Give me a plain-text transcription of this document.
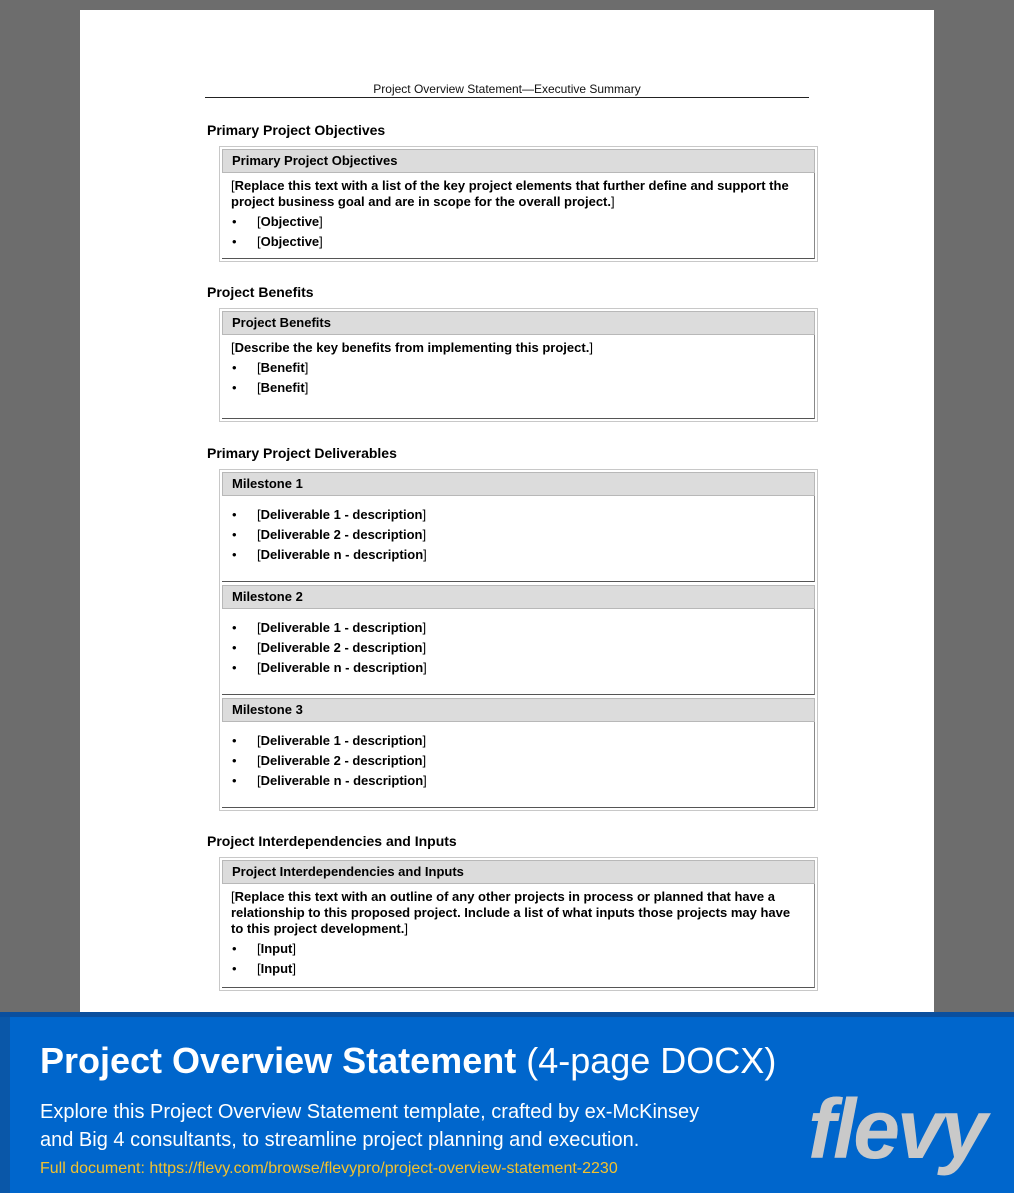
Project Overview Statement—Executive Summary
Primary Project Objectives
Primary Project Objectives

[Replace this text with a list of the key project elements that further define and support the project business goal and are in scope for the overall project.]

• [Objective]
• [Objective]
Project Benefits
Project Benefits

[Describe the key benefits from implementing this project.]

• [Benefit]
• [Benefit]
Primary Project Deliverables
Milestone 1
• [Deliverable 1 - description]
• [Deliverable 2 - description]
• [Deliverable n - description]
Milestone 2
• [Deliverable 1 - description]
• [Deliverable 2 - description]
• [Deliverable n - description]
Milestone 3
• [Deliverable 1 - description]
• [Deliverable 2 - description]
• [Deliverable n - description]
Project Interdependencies and Inputs
Project Interdependencies and Inputs

[Replace this text with an outline of any other projects in process or planned that have a relationship to this proposed project. Include a list of what inputs those projects may have to this project development.]

• [Input]
• [Input]
Project Overview Statement (4-page DOCX)
Explore this Project Overview Statement template, crafted by ex-McKinsey
and Big 4 consultants, to streamline project planning and execution.
Full document: https://flevy.com/browse/flevypro/project-overview-statement-2230 flevy
